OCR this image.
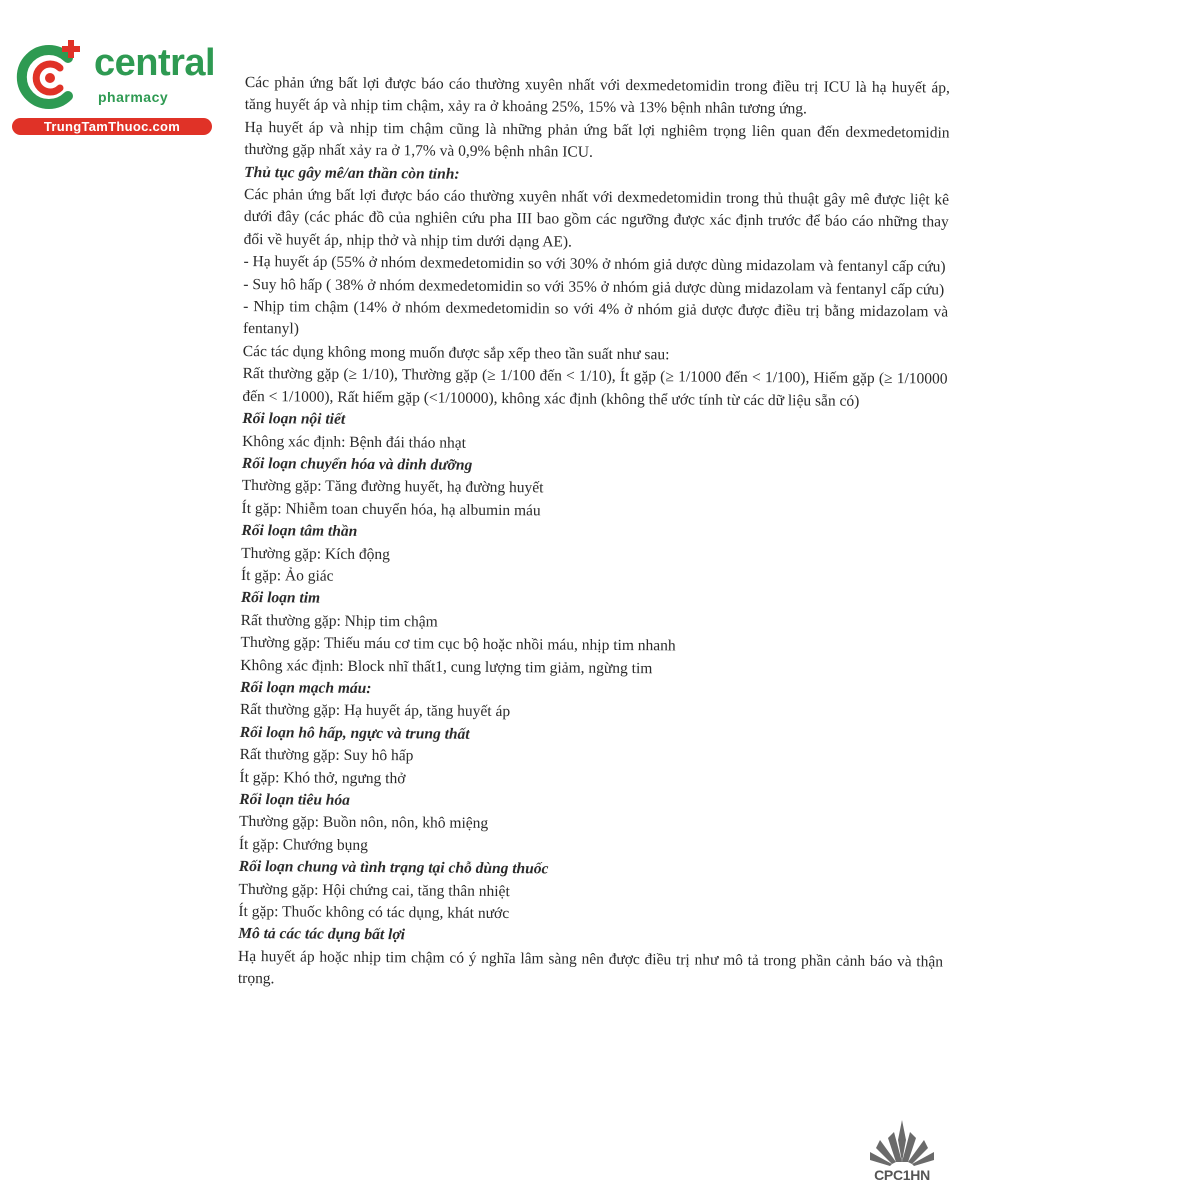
central
pharmacy
TrungTamThuoc.com

Các phản ứng bất lợi được báo cáo thường xuyên nhất với dexmedetomidin trong điều trị ICU là hạ huyết áp, tăng huyết áp và nhịp tim chậm, xảy ra ở khoảng 25%, 15% và 13% bệnh nhân tương ứng.

Hạ huyết áp và nhịp tim chậm cũng là những phản ứng bất lợi nghiêm trọng liên quan đến dexmedetomidin thường gặp nhất xảy ra ở 1,7% và 0,9% bệnh nhân ICU.

Thủ tục gây mê/an thần còn tỉnh:

Các phản ứng bất lợi được báo cáo thường xuyên nhất với dexmedetomidin trong thủ thuật gây mê được liệt kê dưới đây (các phác đồ của nghiên cứu pha III bao gồm các ngưỡng được xác định trước để báo cáo những thay đổi về huyết áp, nhịp thở và nhịp tim dưới dạng AE).

- Hạ huyết áp (55% ở nhóm dexmedetomidin so với 30% ở nhóm giả dược dùng midazolam và fentanyl cấp cứu)

- Suy hô hấp ( 38% ở nhóm dexmedetomidin so với 35% ở nhóm giả dược dùng midazolam và fentanyl cấp cứu)

- Nhịp tim chậm (14% ở nhóm dexmedetomidin so với 4% ở nhóm giả dược được điều trị bằng midazolam và fentanyl)

Các tác dụng không mong muốn được sắp xếp theo tần suất như sau:

Rất thường gặp (≥ 1/10), Thường gặp (≥ 1/100 đến < 1/10), Ít gặp (≥ 1/1000 đến < 1/100), Hiếm gặp (≥ 1/10000 đến < 1/1000), Rất hiếm gặp (<1/10000), không xác định (không thể ước tính từ các dữ liệu sẵn có)

Rối loạn nội tiết

Không xác định: Bệnh đái tháo nhạt

Rối loạn chuyển hóa và dinh dưỡng

Thường gặp: Tăng đường huyết, hạ đường huyết

Ít gặp: Nhiễm toan chuyển hóa, hạ albumin máu

Rối loạn tâm thần

Thường gặp: Kích động

Ít gặp: Ảo giác

Rối loạn tim

Rất thường gặp: Nhịp tim chậm

Thường gặp: Thiếu máu cơ tim cục bộ hoặc nhồi máu, nhịp tim nhanh

Không xác định: Block nhĩ thất1, cung lượng tim giảm, ngừng tim

Rối loạn mạch máu:

Rất thường gặp: Hạ huyết áp, tăng huyết áp

Rối loạn hô hấp, ngực và trung thất

Rất thường gặp: Suy hô hấp

Ít gặp: Khó thở, ngưng thở

Rối loạn tiêu hóa

Thường gặp: Buồn nôn, nôn, khô miệng

Ít gặp: Chướng bụng

Rối loạn chung và tình trạng tại chỗ dùng thuốc

Thường gặp: Hội chứng cai, tăng thân nhiệt

Ít gặp: Thuốc không có tác dụng, khát nước

Mô tả các tác dụng bất lợi

Hạ huyết áp hoặc nhịp tim chậm có ý nghĩa lâm sàng nên được điều trị như mô tả trong phần cảnh báo và thận trọng.

CPC1HN
